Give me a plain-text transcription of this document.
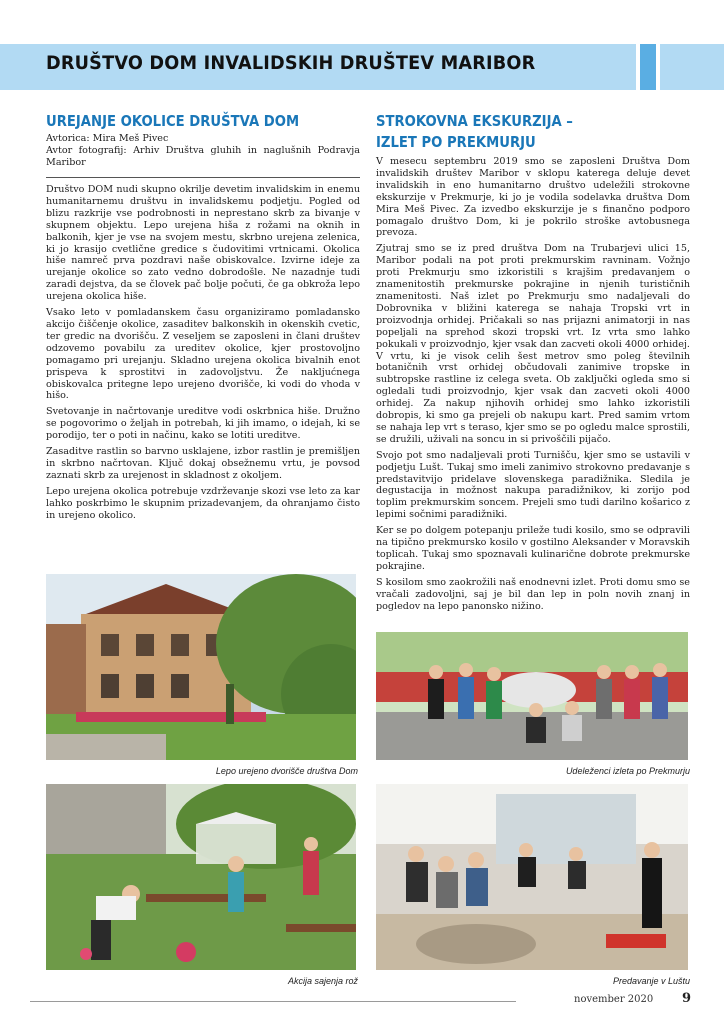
DRUŠTVO DOM INVALIDSKIH DRUŠTEV MARIBOR
UREJANJE OKOLICE DRUŠTVA DOM

Avtorica: Mira Meš Pivec

Avtor fotografij: Arhiv Društva gluhih in naglušnih Podravja Maribor

Društvo DOM nudi skupno okrilje devetim invalidskim in enemu humanitarnemu društvu in invalidskemu podjetju. Pogled od blizu razkrije vse podrobnosti in neprestano skrb za bivanje v skupnem objektu. Lepo urejena hiša z rožami na oknih in balkonih, kjer je vse na svojem mestu, skrbno urejena zelenica, ki jo krasijo cvetlične gredice s čudovitimi vrtnicami. Okolica hiše namreč prva pozdravi naše obiskovalce. Izvirne ideje za urejanje okolice so zato vedno dobrodošle. Ne nazadnje tudi zaradi dejstva, da se človek pač bolje počuti, če ga obkroža lepo urejena okolica hiše.

Vsako leto v pomladanskem času organiziramo pomladansko akcijo čiščenje okolice, zasaditev balkonskih in okenskih cvetic, ter gredic na dvorišču. Z veseljem se zaposleni in člani društev odzovemo povabilu za ureditev okolice, kjer prostovoljno pomagamo pri urejanju. Skladno urejena okolica bivalnih enot prispeva k sprostitvi in zadovoljstvu. Že nakljućnega obiskovalca pritegne lepo urejeno dvorišče, ki vodi do vhoda v hišo.

Svetovanje in načrtovanje ureditve vodi oskrbnica hiše. Družno se pogovorimo o željah in potrebah, ki jih imamo, o idejah, ki se porodijo, ter o poti in načinu, kako se lotiti ureditve.

Zasaditve rastlin so barvno usklajene, izbor rastlin je premišljen in skrbno načrtovan. Ključ dokaj obsežnemu vrtu, je povsod zaznati skrb za urejenost in skladnost z okoljem.

Lepo urejena okolica potrebuje vzdrževanje skozi vse leto za kar lahko poskrbimo le skupnim prizadevanjem, da ohranjamo čisto in urejeno okolico.

STROKOVNA EKSKURZIJA –
IZLET PO PREKMURJU

V mesecu septembru 2019 smo se zaposleni Društva Dom invalidskih društev Maribor v sklopu katerega deluje devet invalidskih in eno humanitarno društvo udeležili strokovne ekskurzije v Prekmurje, ki jo je vodila sodelavka društva Dom Mira Meš Pivec. Za izvedbo ekskurzije je s finančno podporo pomagalo društvo Dom, ki je pokrilo stroške avtobusnega prevoza.

Zjutraj smo se iz pred društva Dom na Trubarjevi ulici 15, Maribor podali na pot proti prekmurskim ravninam. Vožnjo proti Prekmurju smo izkoristili s krajšim predavanjem o znamenitostih prekmurske pokrajine in njenih turističnih znamenitosti. Naš izlet po Prekmurju smo nadaljevali do Dobrovnika v bližini katerega se nahaja Tropski vrt in proizvodnja orhidej. Pričakali so nas prijazni animatorji in nas popeljali na sprehod skozi tropski vrt. Iz vrta smo lahko pokukali v proizvodnjo, kjer vsak dan zacveti okoli 4000 orhidej. V vrtu, ki je visok celih šest metrov smo poleg številnih botaničnih vrst orhidej občudovali zanimive tropske in subtropske rastline iz celega sveta. Ob zaključki ogleda smo si ogledali tudi proizvodnjo, kjer vsak dan zacveti okoli 4000 orhidej. Za nakup njihovih orhidej smo lahko izkoristili dobropis, ki smo ga prejeli ob nakupu kart. Pred samim vrtom se nahaja lep vrt s teraso, kjer smo se po ogledu malce sprostili, se družili, uživali na soncu in si privoščili pijačo.

Svojo pot smo nadaljevali proti Turnišču, kjer smo se ustavili v podjetju Lušt. Tukaj smo imeli zanimivo strokovno predavanje s predstavitvijo pridelave slovenskega paradižnika. Sledila je degustacija in možnost nakupa paradižnikov, ki zorijo pod toplim prekmurskim soncem. Prejeli smo tudi darilno košarico z lepimi sočnimi paradižniki.

Ker se po dolgem potepanju prileže tudi kosilo, smo se odpravili na tipično prekmursko kosilo v gostilno Aleksander v Moravskih toplicah. Tukaj smo spoznavali kulinarične dobrote prekmurske pokrajine.

S kosilom smo zaokrožili naš enodnevni izlet. Proti domu smo se vračali zadovoljni, saj je bil dan lep in poln novih znanj in pogledov na lepo panonsko nižino.

Lepo urejeno dvorišče društva Dom	Udeleženci izleta po Prekmurju
Akcija sajenja rož	Predavanje v Luštu
november 2020 9
